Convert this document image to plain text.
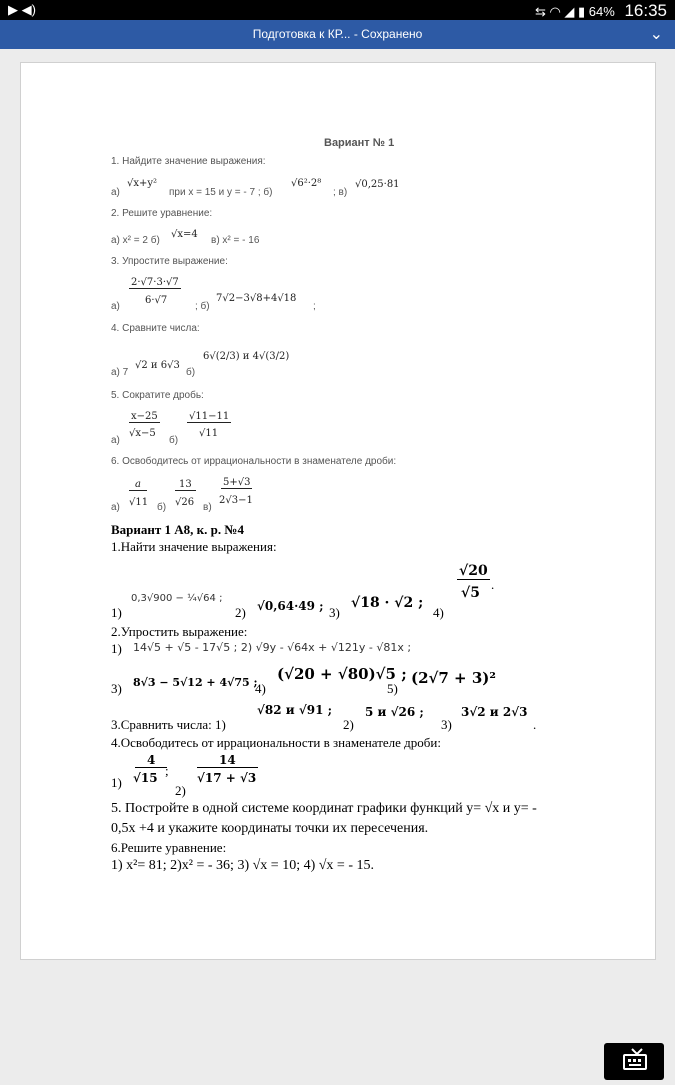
▶ ◀)	⇆ ◠ ◢ ▮ 64% 16:35
Подготовка к КР... - Сохранено	⌄
Вариант № 1
1. Найдите значение выражения:
а)
√x+y²
при x = 15 и y = - 7 ; б)
√6²·2⁸
; в)
√0,25·81
2. Решите уравнение:
а) x² = 2 б)
√x=4
в) x² = - 16
3. Упростите выражение:
а)
2·√7·3·√7
6·√7
; б)
7√2−3√8+4√18
;
4. Сравните числа:
а) 7
√2 и 6√3
б)
6√(2/3) и 4√(3/2)
5. Сократите дробь:
а)
x−25
√x−5
б)
√11−11
√11
6. Освободитесь от иррациональности в знаменателе дроби:
а)
a
√11 б)
13
√26 в)
5+√3
2√3−1
Вариант 1 А8, к. р. №4
1.Найти значение выражения:
1)
0,3√900 − ¼√64 ;
2) √0,64·49 ; 3)
√18 · √2 ;
4)
√20
√5
.
2.Упростить выражение:
1) 14√5 + √5 - 17√5 ; 2) √9y - √64x + √121y - √81x ;
3) 8√3 − 5√12 + 4√75 ;
4)
(√20 + √80)√5 ;
5)
(2√7 + 3)²
3.Сравнить числа: 1)
√82 и √91 ;
2)
5 и √26 ;
3)
3√2 и 2√3
.
4.Освободитесь от иррациональности в знаменателе дроби:
1)
4
√15 ;
2)
14
√17 + √3
5. Постройте в одной системе координат графики функций y= √x и y= -
0,5x +4 и укажите координаты точки их пересечения.
6.Решите уравнение:
1) x²= 81; 2)x² = - 36; 3) √x = 10; 4) √x = - 15.
